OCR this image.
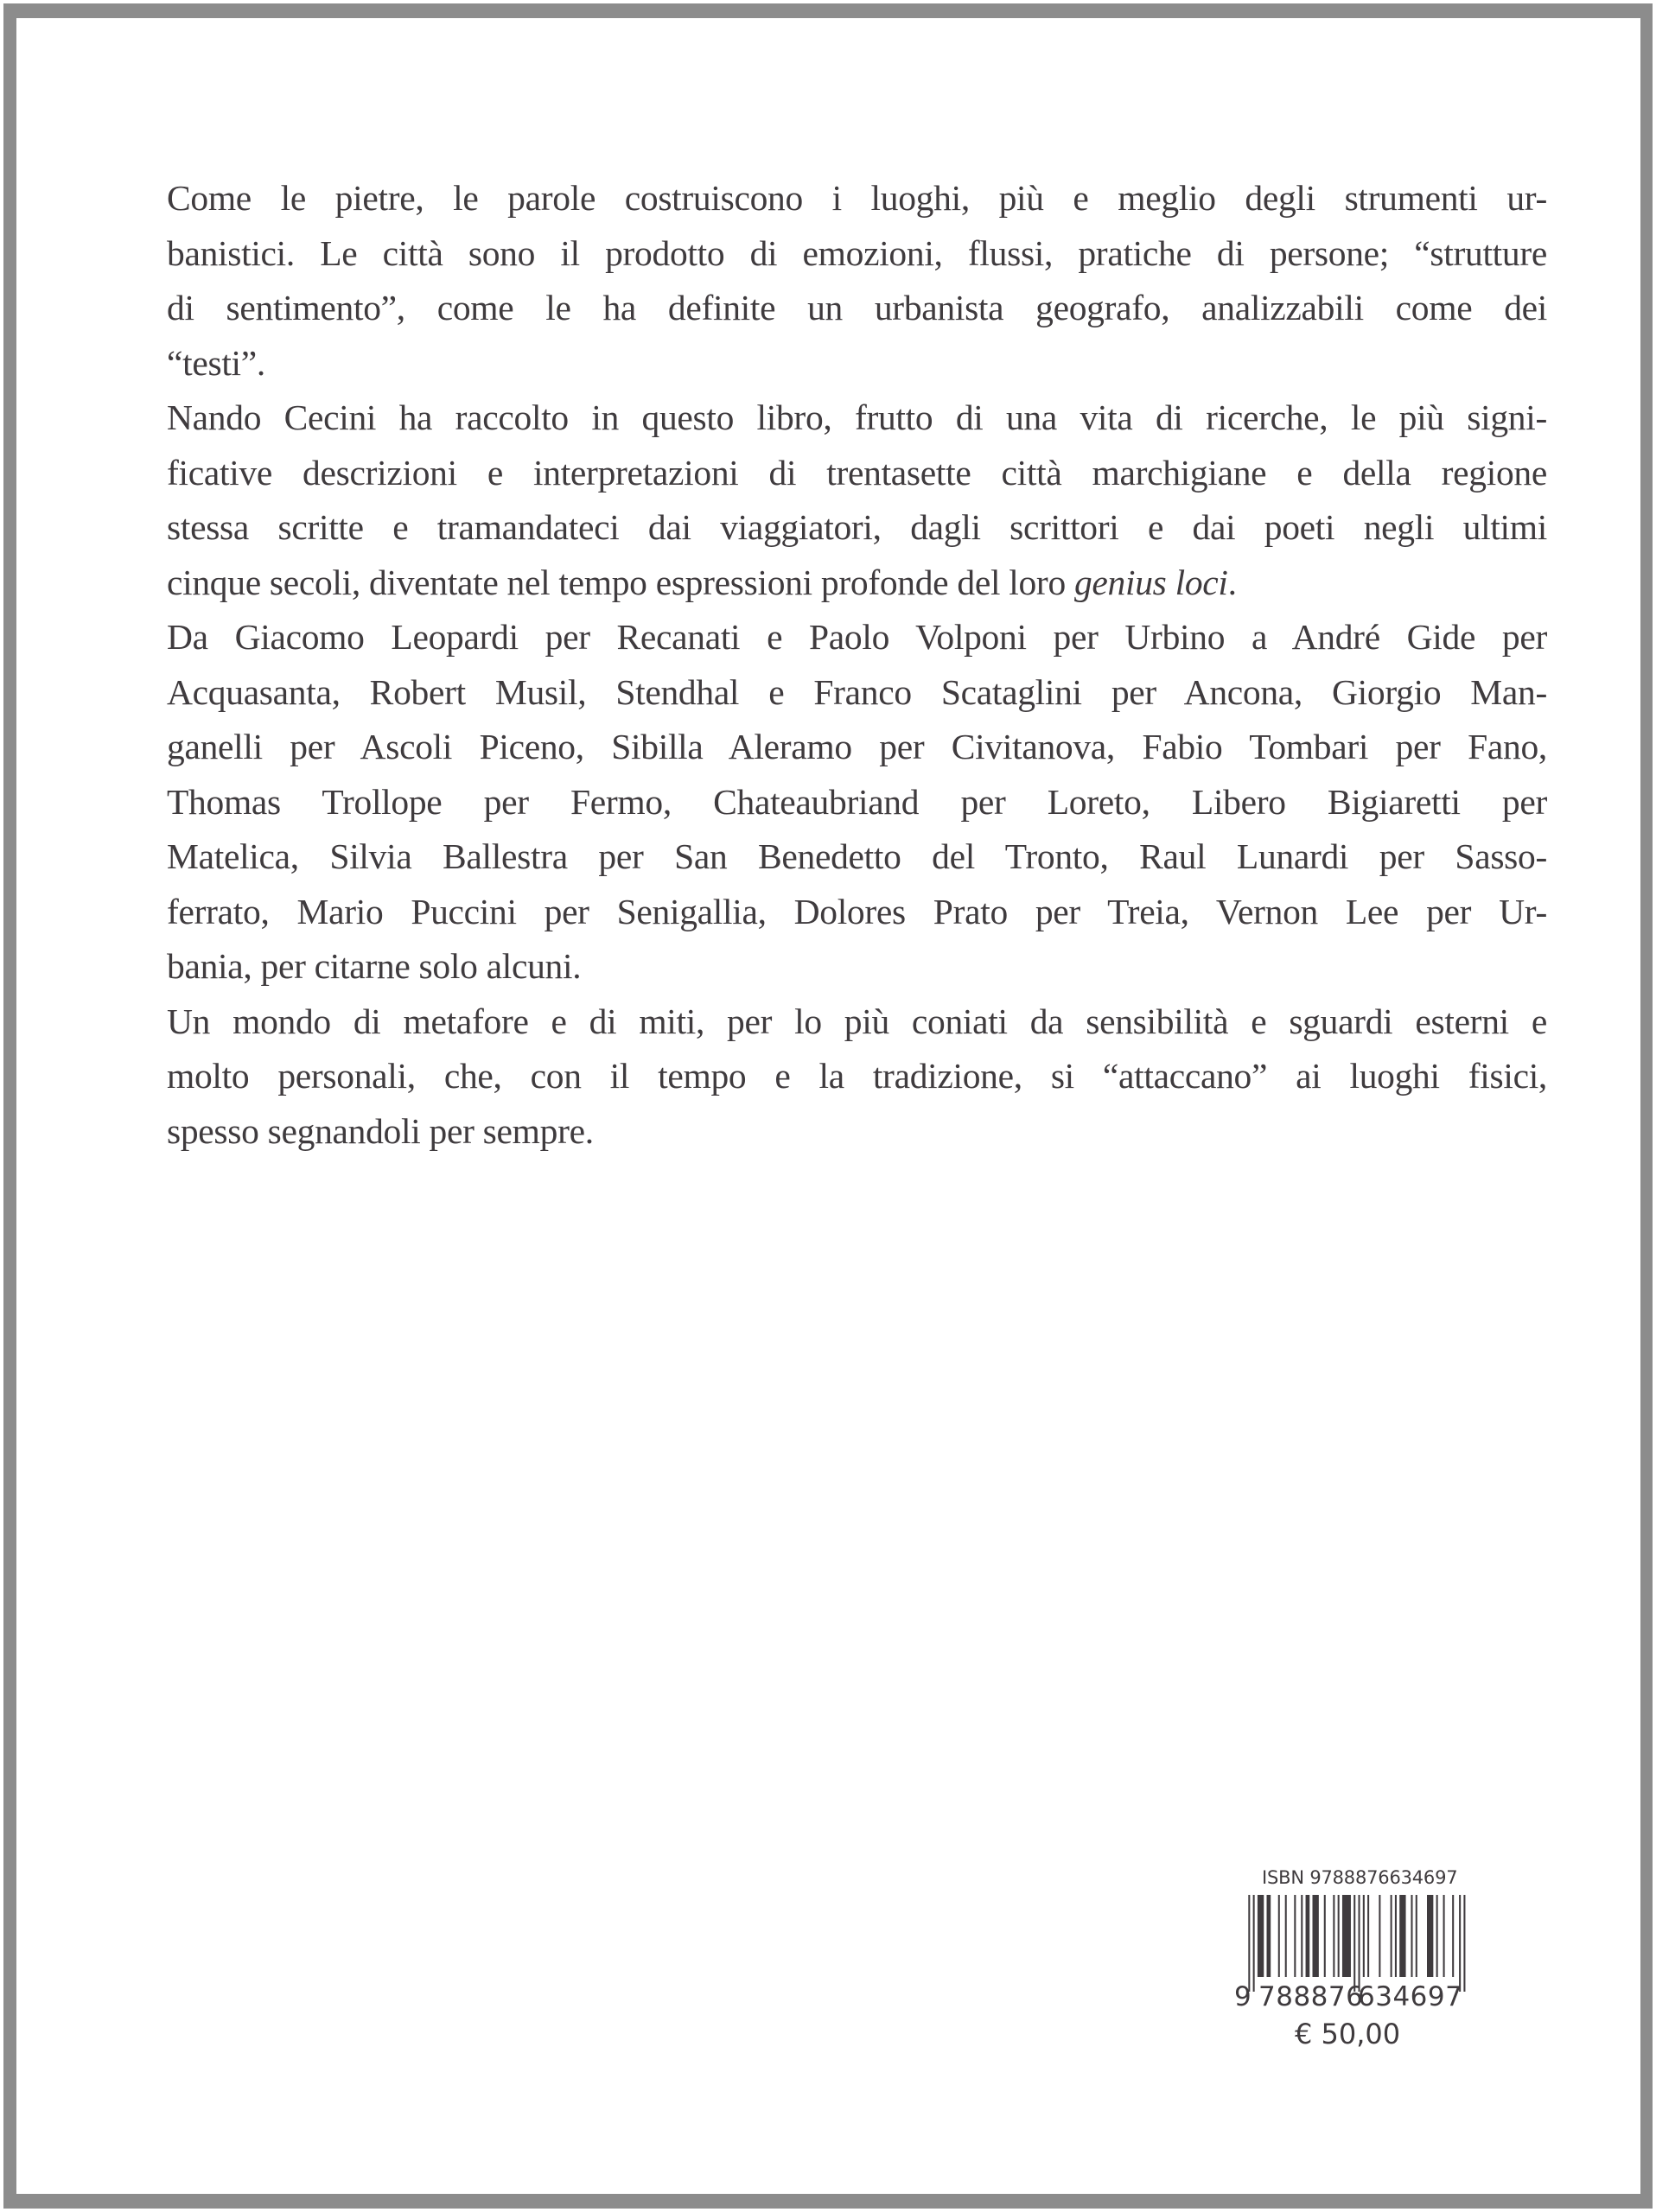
Come le pietre, le parole costruiscono i luoghi, più e meglio degli strumenti ur-
banistici. Le città sono il prodotto di emozioni, flussi, pratiche di persone; “strutture
di sentimento”, come le ha definite un urbanista geografo, analizzabili come dei
“testi”.

Nando Cecini ha raccolto in questo libro, frutto di una vita di ricerche, le più signi-
ficative descrizioni e interpretazioni di trentasette città marchigiane e della regione
stessa scritte e tramandateci dai viaggiatori, dagli scrittori e dai poeti negli ultimi
cinque secoli, diventate nel tempo espressioni profonde del loro genius loci.

Da Giacomo Leopardi per Recanati e Paolo Volponi per Urbino a André Gide per
Acquasanta, Robert Musil, Stendhal e Franco Scataglini per Ancona, Giorgio Man-
ganelli per Ascoli Piceno, Sibilla Aleramo per Civitanova, Fabio Tombari per Fano,
Thomas Trollope per Fermo, Chateaubriand per Loreto, Libero Bigiaretti per
Matelica, Silvia Ballestra per San Benedetto del Tronto, Raul Lunardi per Sasso-
ferrato, Mario Puccini per Senigallia, Dolores Prato per Treia, Vernon Lee per Ur-
bania, per citarne solo alcuni.

Un mondo di metafore e di miti, per lo più coniati da sensibilità e sguardi esterni e
molto personali, che, con il tempo e la tradizione, si “attaccano” ai luoghi fisici,
spesso segnandoli per sempre.

ISBN 9788876634697
9 788876
634697
€ 50,00
